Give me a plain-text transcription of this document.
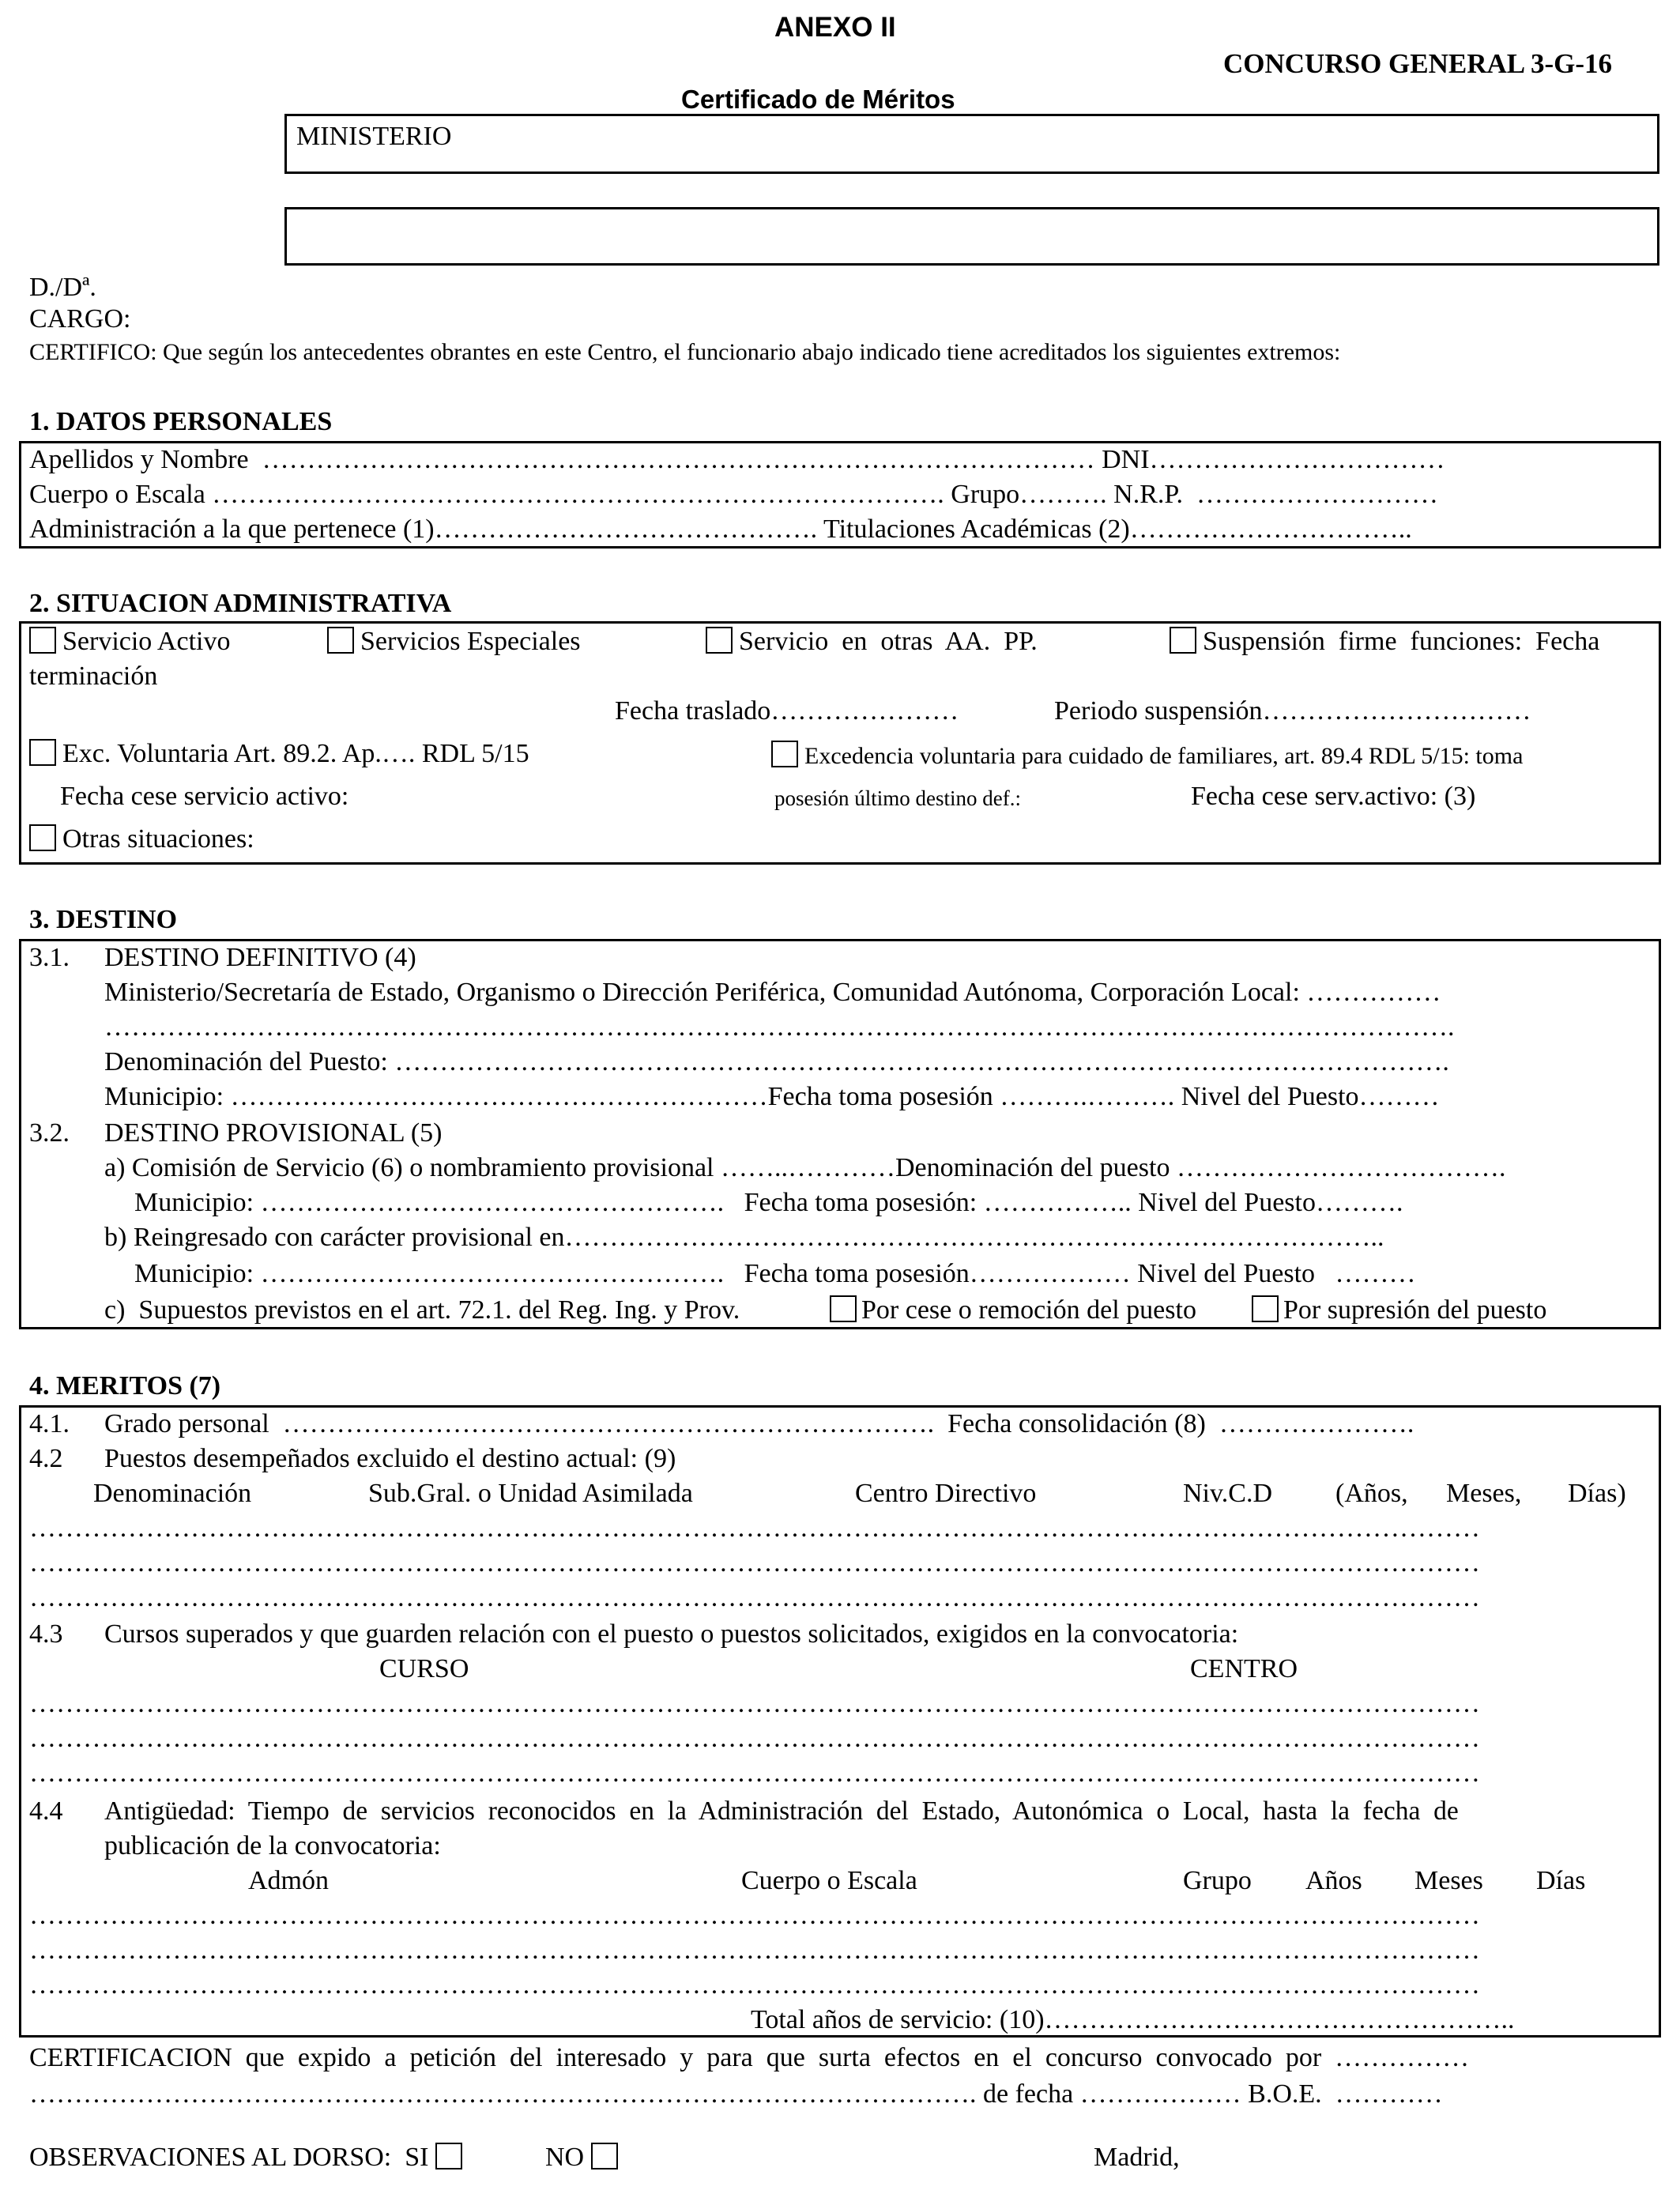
ANEXO II
CONCURSO GENERAL 3-G-16
Certificado de Méritos
MINISTERIO
D./Dª.
CARGO:
CERTIFICO: Que según los antecedentes obrantes en este Centro, el funcionario abajo indicado tiene acreditados los siguientes extremos:
1. DATOS PERSONALES
Apellidos y Nombre  ………………………………………………………………………………… DNI……………………………
Cuerpo o Escala ………………………………………………………………………. Grupo………. N.R.P.  ………………………
Administración a la que pertenece (1)……………………………………. Titulaciones Académicas (2)…………………………..
2. SITUACION ADMINISTRATIVA
Servicio Activo	Servicios Especiales	Servicio  en  otras  AA.  PP.	Suspensión  firme  funciones:  Fecha
terminación
Fecha traslado…………………	Periodo suspensión…………………………
Exc. Voluntaria Art. 89.2. Ap.…. RDL 5/15	Excedencia voluntaria para cuidado de familiares, art. 89.4 RDL 5/15: toma
Fecha cese servicio activo:	posesión último destino def.:	Fecha cese serv.activo: (3)
Otras situaciones:
3. DESTINO
3.1. DESTINO DEFINITIVO (4)
Ministerio/Secretaría de Estado, Organismo o Dirección Periférica, Comunidad Autónoma, Corporación Local: ……………
…………………………………………………………………………………………………………………………………….
Denominación del Puesto: ……………………………………………………………………………………………………….
Municipio: ……………………………………………………Fecha toma posesión ……….………. Nivel del Puesto………
3.2. DESTINO PROVISIONAL (5)
a) Comisión de Servicio (6) o nombramiento provisional ……..…………Denominación del puesto ……………………………….
Municipio: …………………………………………….   Fecha toma posesión: …………….. Nivel del Puesto……….
b) Reingresado con carácter provisional en………………………………………………………………………………..
Municipio: …………………………………………….   Fecha toma posesión……………… Nivel del Puesto   ………
c)  Supuestos previstos en el art. 72.1. del Reg. Ing. y Prov.	Por cese o remoción del puesto	Por supresión del puesto
4. MERITOS (7)
4.1. Grado personal  ……………………………………………………………….  Fecha consolidación (8)  ………………….
4.2 Puestos desempeñados excluido el destino actual: (9)
Denominación	Sub.Gral. o Unidad Asimilada	Centro Directivo	Niv.C.D (Años, Meses, Días)
………………………………………………………………………………………………………………………………………………
………………………………………………………………………………………………………………………………………………
………………………………………………………………………………………………………………………………………………
4.3 Cursos superados y que guarden relación con el puesto o puestos solicitados, exigidos en la convocatoria:
CURSO	CENTRO
………………………………………………………………………………………………………………………………………………
………………………………………………………………………………………………………………………………………………
………………………………………………………………………………………………………………………………………………
4.4 Antigüedad:  Tiempo  de  servicios  reconocidos  en  la  Administración  del  Estado,  Autonómica  o  Local,  hasta  la  fecha  de
publicación de la convocatoria:
Admón	Cuerpo o Escala	Grupo Años Meses Días
………………………………………………………………………………………………………………………………………………
………………………………………………………………………………………………………………………………………………
………………………………………………………………………………………………………………………………………………
Total años de servicio: (10)……………………………………………..
CERTIFICACION  que  expido  a  petición  del  interesado  y  para  que  surta  efectos  en  el  concurso  convocado  por  ……………
……………………………………………………………………………………………. de fecha ……………… B.O.E.  …………
OBSERVACIONES AL DORSO:  SI	NO	Madrid,
